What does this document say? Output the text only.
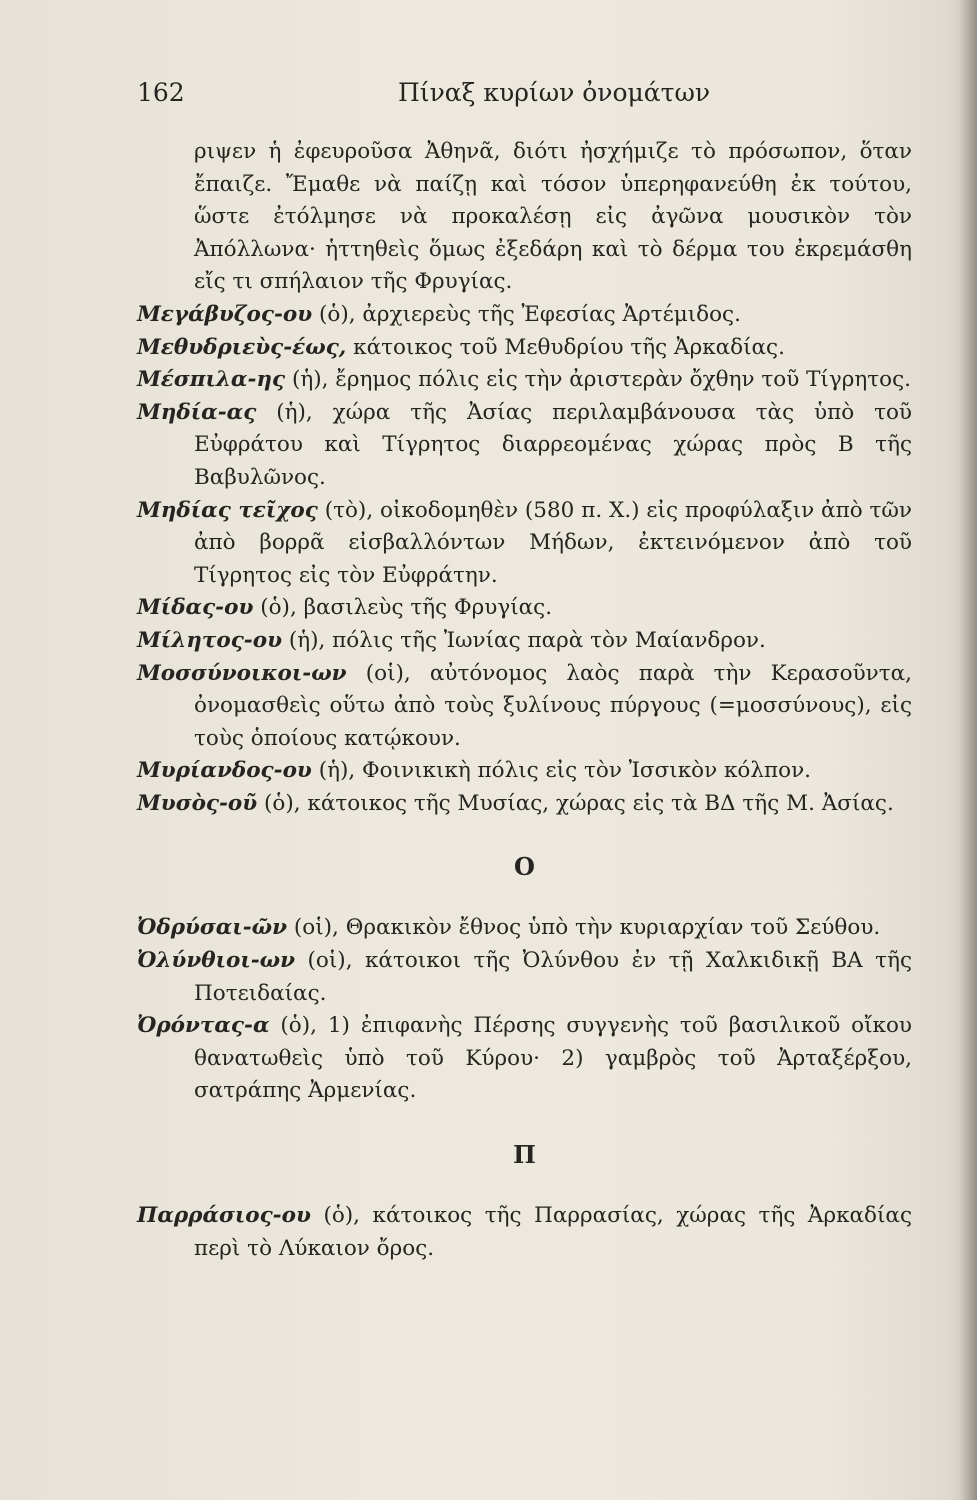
162	Πίναξ κυρίων ὀνομάτων

ριψεν ἡ ἐφευροῦσα Ἀθηνᾶ, διότι ἠσχήμιζε τὸ πρόσωπον, ὅταν ἔπαιζε. Ἔμαθε νὰ παίζῃ καὶ τόσον ὑπερηφανεύθη ἐκ τούτου, ὥστε ἐτόλμησε νὰ προκαλέσῃ εἰς ἀγῶνα μουσικὸν τὸν Ἀπόλλωνα· ἡττηθεὶς ὅμως ἐξεδάρη καὶ τὸ δέρμα του ἐκρεμάσθη εἴς τι σπήλαιον τῆς Φρυγίας.

Μεγάβυζος-ου (ὁ), ἀρχιερεὺς τῆς Ἐφεσίας Ἀρτέμιδος.

Μεθυδριεὺς-έως, κάτοικος τοῦ Μεθυδρίου τῆς Ἀρκαδίας.

Μέσπιλα-ης (ἡ), ἔρημος πόλις εἰς τὴν ἀριστερὰν ὄχθην τοῦ Τίγρητος.

Μηδία-ας (ἡ), χώρα τῆς Ἀσίας περιλαμβάνουσα τὰς ὑπὸ τοῦ Εὐφράτου καὶ Τίγρητος διαρρεομένας χώρας πρὸς Β τῆς Βαβυλῶνος.

Μηδίας τεῖχος (τὸ), οἰκοδομηθὲν (580 π. Χ.) εἰς προφύλαξιν ἀπὸ τῶν ἀπὸ βορρᾶ εἰσβαλλόντων Μήδων, ἐκτεινόμενον ἀπὸ τοῦ Τίγρητος εἰς τὸν Εὐφράτην.

Μίδας-ου (ὁ), βασιλεὺς τῆς Φρυγίας.

Μίλητος-ου (ἡ), πόλις τῆς Ἰωνίας παρὰ τὸν Μαίανδρον.

Μοσσύνοικοι-ων (οἱ), αὐτόνομος λαὸς παρὰ τὴν Κερασοῦντα, ὀνομασθεὶς οὕτω ἀπὸ τοὺς ξυλίνους πύργους (=μοσσύνους), εἰς τοὺς ὁποίους κατῴκουν.

Μυρίανδος-ου (ἡ), Φοινικικὴ πόλις εἰς τὸν Ἰσσικὸν κόλπον.

Μυσὸς-οῦ (ὁ), κάτοικος τῆς Μυσίας, χώρας εἰς τὰ ΒΔ τῆς Μ. Ἀσίας.

Ο

Ὀδρύσαι-ῶν (οἱ), Θρακικὸν ἔθνος ὑπὸ τὴν κυριαρχίαν τοῦ Σεύθου.

Ὀλύνθιοι-ων (οἱ), κάτοικοι τῆς Ὀλύνθου ἐν τῇ Χαλκιδικῇ ΒΑ τῆς Ποτειδαίας.

Ὀρόντας-α (ὁ), 1) ἐπιφανὴς Πέρσης συγγενὴς τοῦ βασιλικοῦ οἴκου θανατωθεὶς ὑπὸ τοῦ Κύρου· 2) γαμβρὸς τοῦ Ἀρταξέρξου, σατράπης Ἀρμενίας.

Π

Παρράσιος-ου (ὁ), κάτοικος τῆς Παρρασίας, χώρας τῆς Ἀρκαδίας περὶ τὸ Λύκαιον ὄρος.
